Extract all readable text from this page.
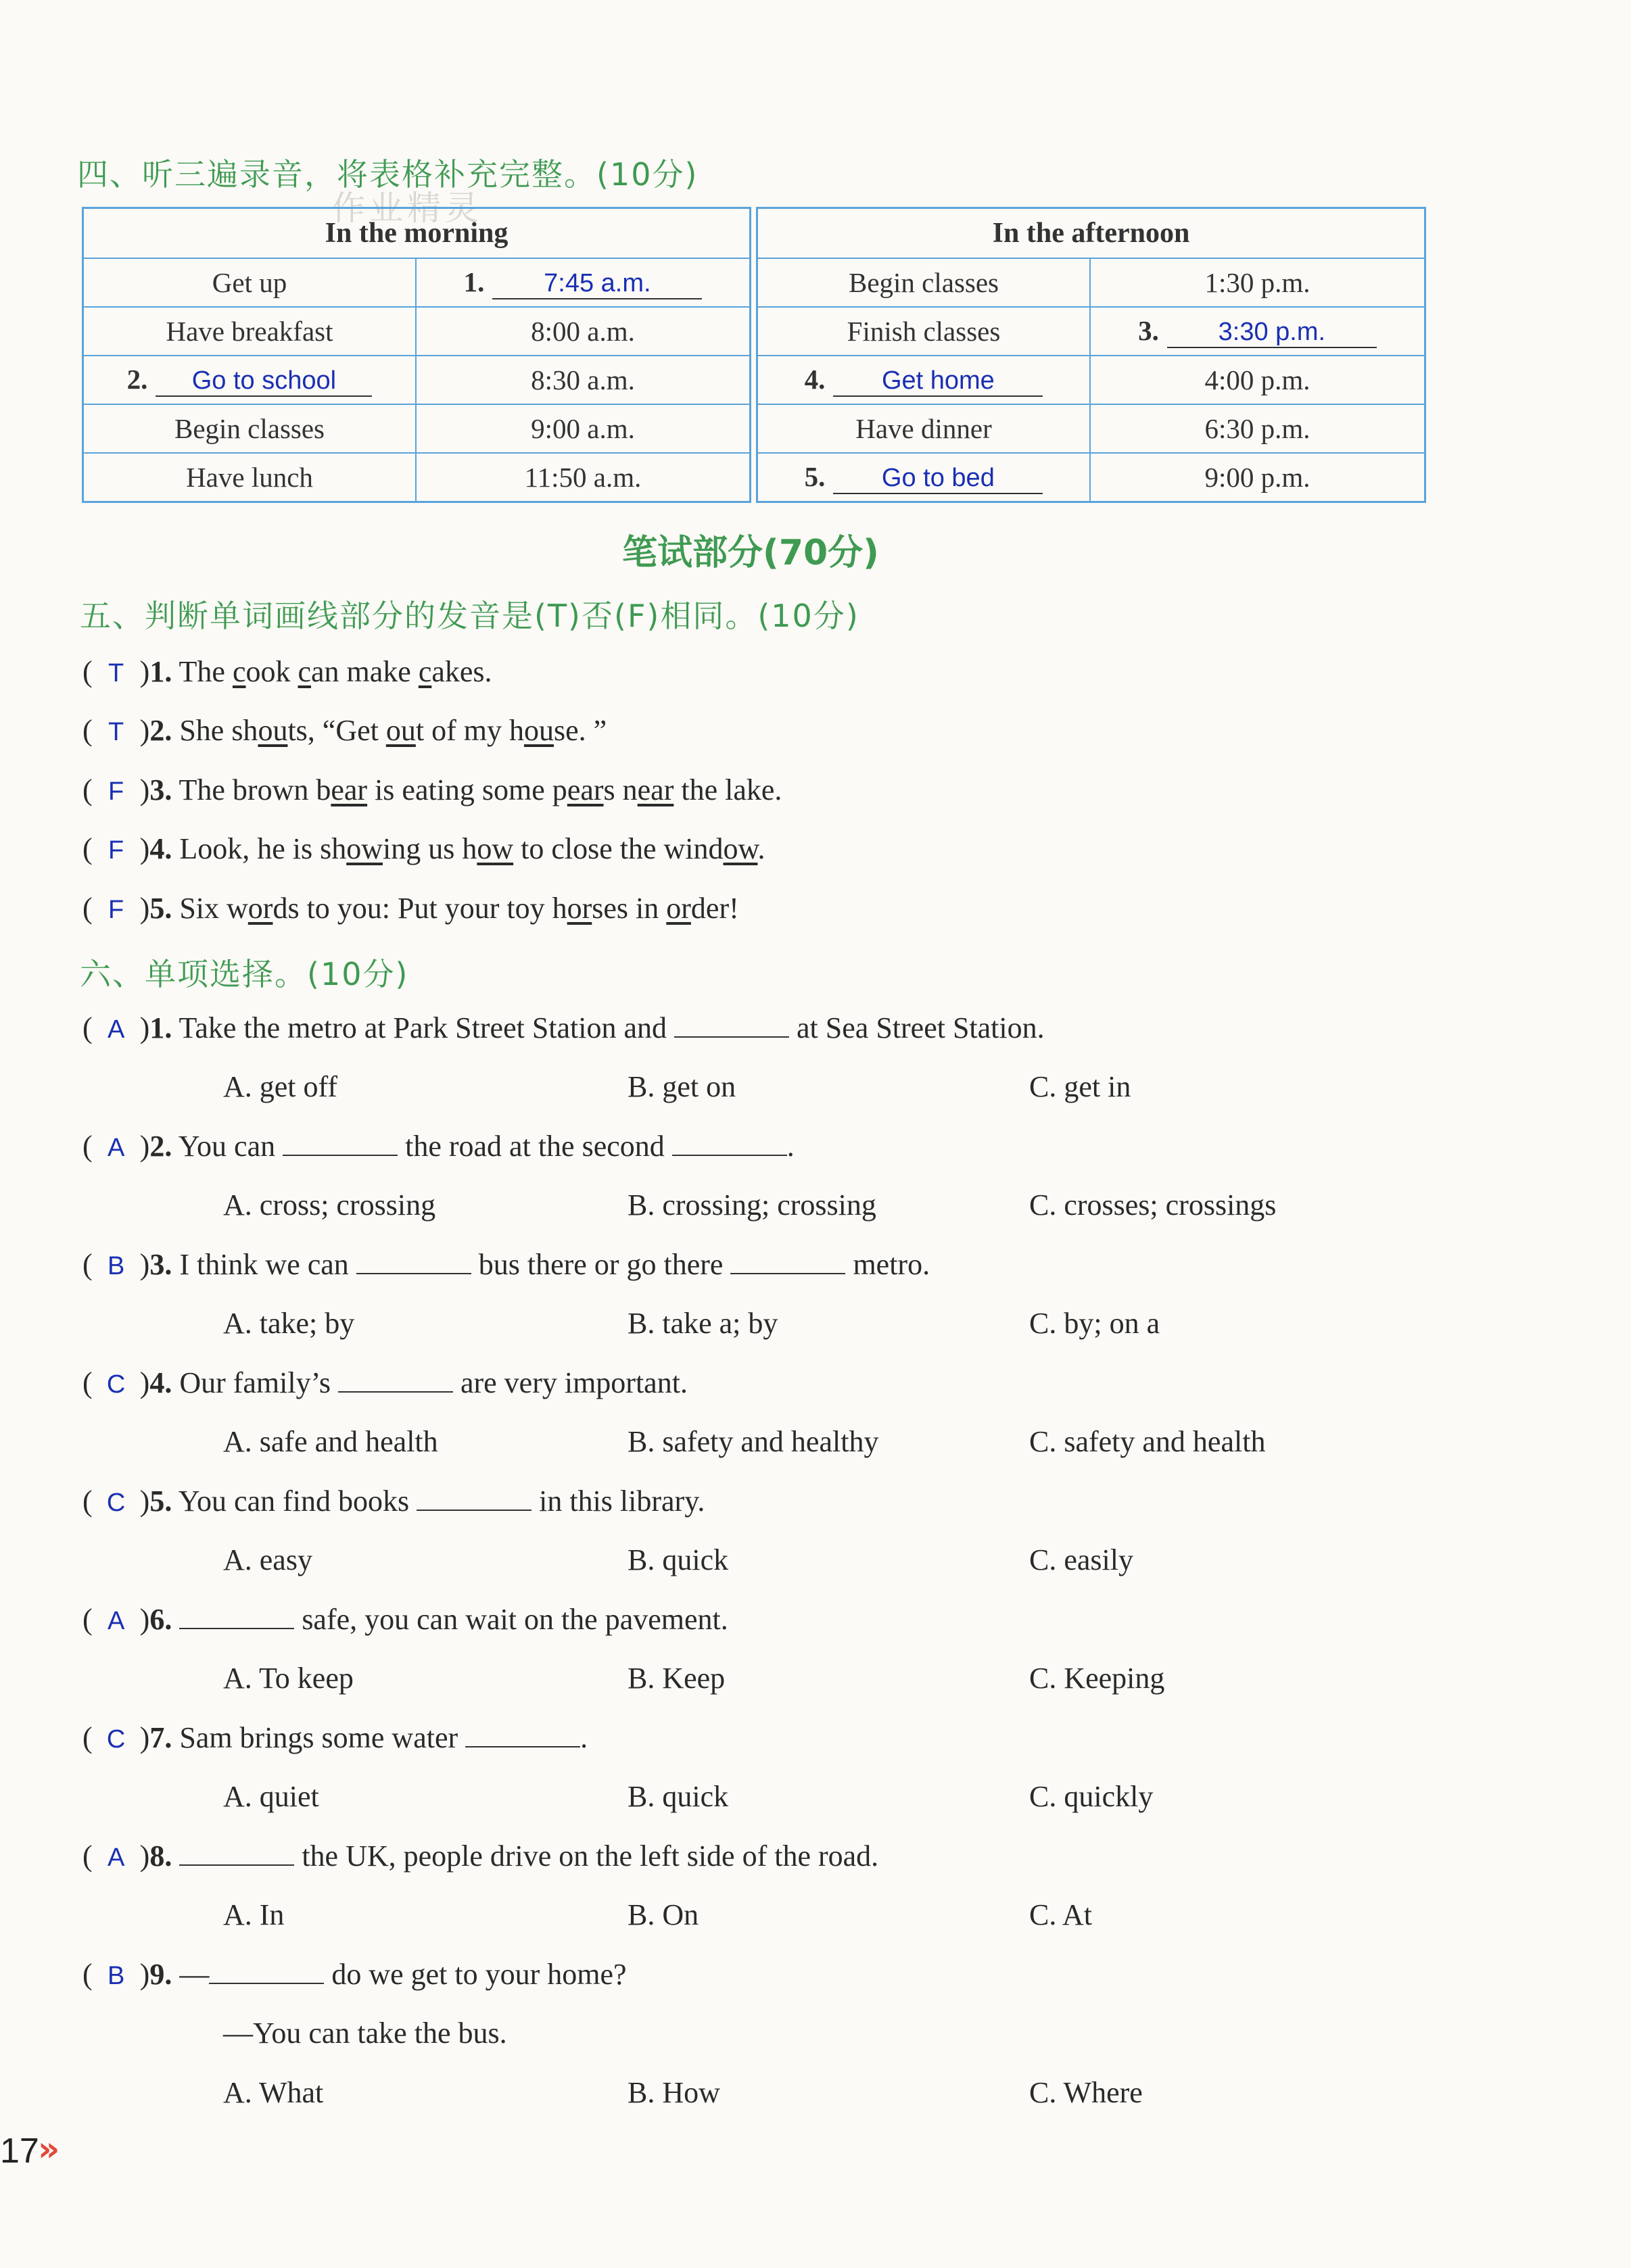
四、听三遍录音，将表格补充完整。(10分)
作业精灵
In the morning	
Get up	1. 7:45 a.m.
Have breakfast	8:00 a.m.
2. Go to school	8:30 a.m.
Begin classes	9:00 a.m.
Have lunch	11:50 a.m.
In the afternoon	
Begin classes	1:30 p.m.
Finish classes	3. 3:30 p.m.
4. Get home	4:00 p.m.
Have dinner	6:30 p.m.
5. Go to bed	9:00 p.m.
笔试部分(70分)
五、判断单词画线部分的发音是(T)否(F)相同。(10分)
( T )1. The cook can make cakes.
( T )2. She shouts, “Get out of my house. ”
( F )3. The brown bear is eating some pears near the lake.
( F )4. Look, he is showing us how to close the window.
( F )5. Six words to you: Put your toy horses in order!
六、单项选择。(10分)
( A )1. Take the metro at Park Street Station and	at Sea Street Station.
A. get off	B. get on	C. get in
( A )2. You can	the road at the second	.
A. cross; crossing	B. crossing; crossing	C. crosses; crossings
( B )3. I think we can	bus there or go there	metro.
A. take; by	B. take a; by	C. by; on a
( C )4. Our family’s	are very important.
A. safe and health	B. safety and healthy	C. safety and health
( C )5. You can find books	in this library.
A. easy	B. quick	C. easily
( A )6.	safe, you can wait on the pavement.
A. To keep	B. Keep	C. Keeping
( C )7. Sam brings some water	.
A. quiet	B. quick	C. quickly
( A )8.	the UK, people drive on the left side of the road.
A. In	B. On	C. At
( B )9. —	do we get to your home?
—You can take the bus.
A. What	B. How	C. Where
17
»
